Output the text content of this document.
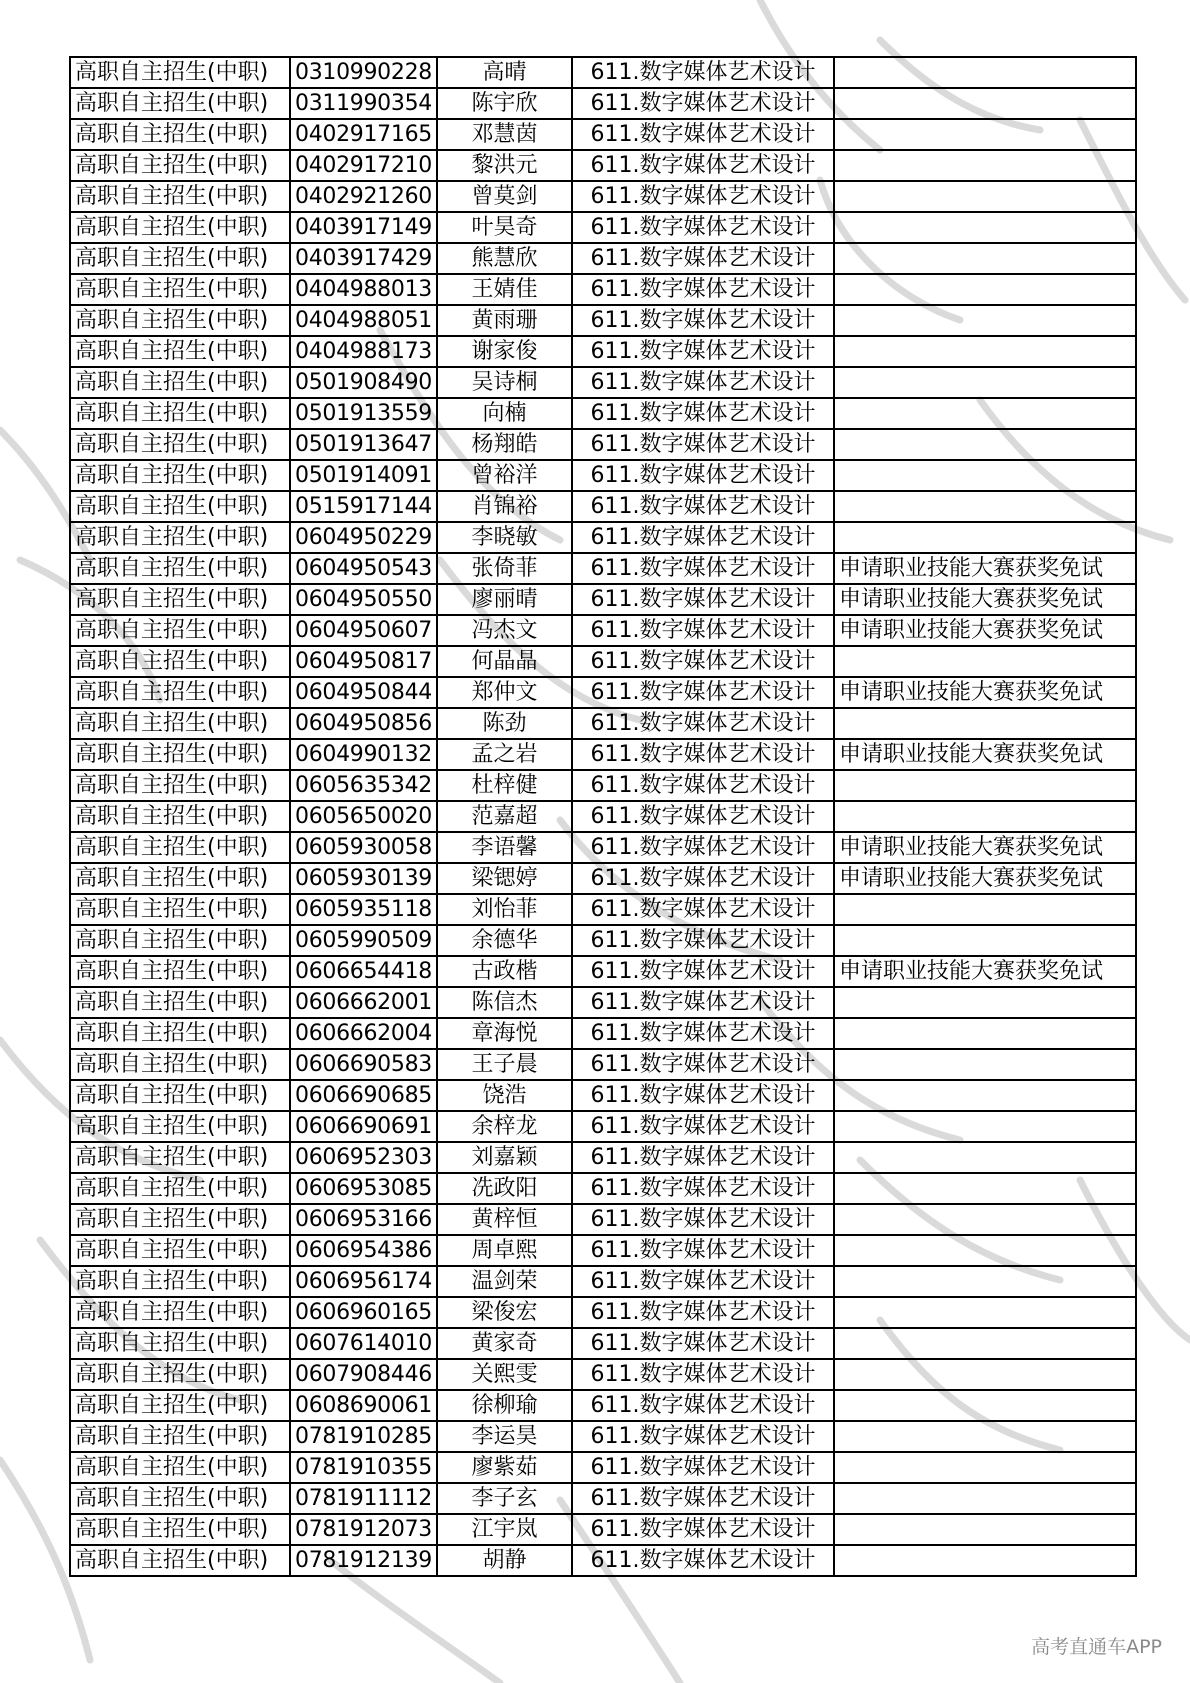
高职自主招生(中职)	0310990228	高晴	611.数字媒体艺术设计	
高职自主招生(中职)	0311990354	陈宇欣	611.数字媒体艺术设计	
高职自主招生(中职)	0402917165	邓慧茵	611.数字媒体艺术设计	
高职自主招生(中职)	0402917210	黎洪元	611.数字媒体艺术设计	
高职自主招生(中职)	0402921260	曾莫剑	611.数字媒体艺术设计	
高职自主招生(中职)	0403917149	叶昊奇	611.数字媒体艺术设计	
高职自主招生(中职)	0403917429	熊慧欣	611.数字媒体艺术设计	
高职自主招生(中职)	0404988013	王婧佳	611.数字媒体艺术设计	
高职自主招生(中职)	0404988051	黄雨珊	611.数字媒体艺术设计	
高职自主招生(中职)	0404988173	谢家俊	611.数字媒体艺术设计	
高职自主招生(中职)	0501908490	吴诗桐	611.数字媒体艺术设计	
高职自主招生(中职)	0501913559	向楠	611.数字媒体艺术设计	
高职自主招生(中职)	0501913647	杨翔皓	611.数字媒体艺术设计	
高职自主招生(中职)	0501914091	曾裕洋	611.数字媒体艺术设计	
高职自主招生(中职)	0515917144	肖锦裕	611.数字媒体艺术设计	
高职自主招生(中职)	0604950229	李晓敏	611.数字媒体艺术设计	
高职自主招生(中职)	0604950543	张倚菲	611.数字媒体艺术设计	申请职业技能大赛获奖免试
高职自主招生(中职)	0604950550	廖丽晴	611.数字媒体艺术设计	申请职业技能大赛获奖免试
高职自主招生(中职)	0604950607	冯杰文	611.数字媒体艺术设计	申请职业技能大赛获奖免试
高职自主招生(中职)	0604950817	何晶晶	611.数字媒体艺术设计	
高职自主招生(中职)	0604950844	郑仲文	611.数字媒体艺术设计	申请职业技能大赛获奖免试
高职自主招生(中职)	0604950856	陈劲	611.数字媒体艺术设计	
高职自主招生(中职)	0604990132	孟之岩	611.数字媒体艺术设计	申请职业技能大赛获奖免试
高职自主招生(中职)	0605635342	杜梓健	611.数字媒体艺术设计	
高职自主招生(中职)	0605650020	范嘉超	611.数字媒体艺术设计	
高职自主招生(中职)	0605930058	李语馨	611.数字媒体艺术设计	申请职业技能大赛获奖免试
高职自主招生(中职)	0605930139	梁锶婷	611.数字媒体艺术设计	申请职业技能大赛获奖免试
高职自主招生(中职)	0605935118	刘怡菲	611.数字媒体艺术设计	
高职自主招生(中职)	0605990509	余德华	611.数字媒体艺术设计	
高职自主招生(中职)	0606654418	古政楷	611.数字媒体艺术设计	申请职业技能大赛获奖免试
高职自主招生(中职)	0606662001	陈信杰	611.数字媒体艺术设计	
高职自主招生(中职)	0606662004	章海悦	611.数字媒体艺术设计	
高职自主招生(中职)	0606690583	王子晨	611.数字媒体艺术设计	
高职自主招生(中职)	0606690685	饶浩	611.数字媒体艺术设计	
高职自主招生(中职)	0606690691	余梓龙	611.数字媒体艺术设计	
高职自主招生(中职)	0606952303	刘嘉颖	611.数字媒体艺术设计	
高职自主招生(中职)	0606953085	冼政阳	611.数字媒体艺术设计	
高职自主招生(中职)	0606953166	黄梓恒	611.数字媒体艺术设计	
高职自主招生(中职)	0606954386	周卓熙	611.数字媒体艺术设计	
高职自主招生(中职)	0606956174	温剑荣	611.数字媒体艺术设计	
高职自主招生(中职)	0606960165	梁俊宏	611.数字媒体艺术设计	
高职自主招生(中职)	0607614010	黄家奇	611.数字媒体艺术设计	
高职自主招生(中职)	0607908446	关熙雯	611.数字媒体艺术设计	
高职自主招生(中职)	0608690061	徐柳瑜	611.数字媒体艺术设计	
高职自主招生(中职)	0781910285	李运昊	611.数字媒体艺术设计	
高职自主招生(中职)	0781910355	廖紫茹	611.数字媒体艺术设计	
高职自主招生(中职)	0781911112	李子玄	611.数字媒体艺术设计	
高职自主招生(中职)	0781912073	江宇岚	611.数字媒体艺术设计	
高职自主招生(中职)	0781912139	胡静	611.数字媒体艺术设计	
高考直通车APP
